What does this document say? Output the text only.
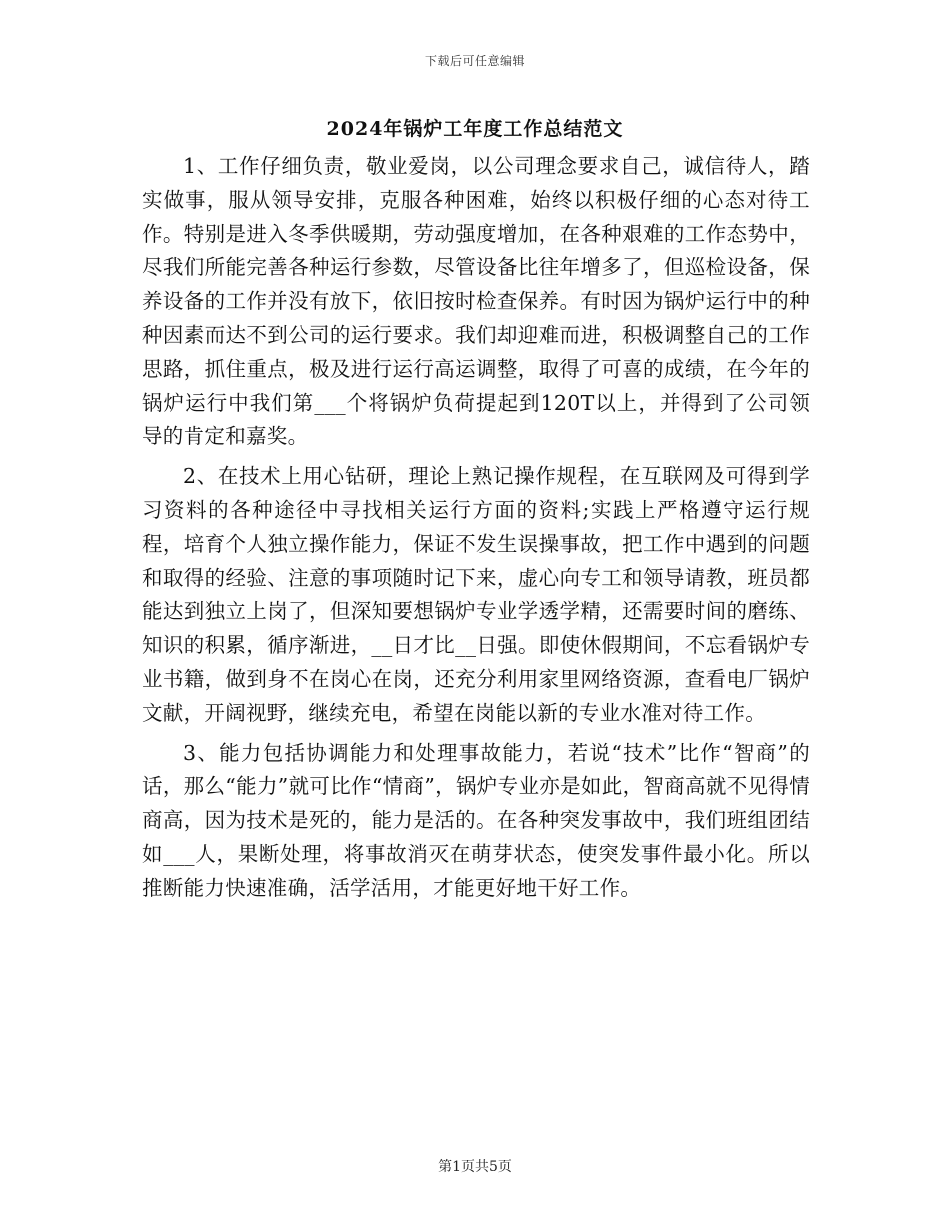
下载后可任意编辑
2024年锅炉工年度工作总结范文

1、工作仔细负责，敬业爱岗，以公司理念要求自己，诚信待人，踏实做事，服从领导安排，克服各种困难，始终以积极仔细的心态对待工作。特别是进入冬季供暖期，劳动强度增加，在各种艰难的工作态势中，尽我们所能完善各种运行参数，尽管设备比往年增多了，但巡检设备，保养设备的工作并没有放下，依旧按时检查保养。有时因为锅炉运行中的种种因素而达不到公司的运行要求。我们却迎难而进，积极调整自己的工作思路，抓住重点，极及进行运行高运调整，取得了可喜的成绩，在今年的锅炉运行中我们第___个将锅炉负荷提起到120T以上，并得到了公司领导的肯定和嘉奖。

2、在技术上用心钻研，理论上熟记操作规程，在互联网及可得到学习资料的各种途径中寻找相关运行方面的资料;实践上严格遵守运行规程，培育个人独立操作能力，保证不发生误操事故，把工作中遇到的问题和取得的经验、注意的事项随时记下来，虚心向专工和领导请教，班员都能达到独立上岗了，但深知要想锅炉专业学透学精，还需要时间的磨练、知识的积累，循序渐进，__日才比__日强。即使休假期间，不忘看锅炉专业书籍，做到身不在岗心在岗，还充分利用家里网络资源，查看电厂锅炉文献，开阔视野，继续充电，希望在岗能以新的专业水准对待工作。

3、能力包括协调能力和处理事故能力，若说“技术”比作“智商”的话，那么“能力”就可比作“情商”，锅炉专业亦是如此，智商高就不见得情商高，因为技术是死的，能力是活的。在各种突发事故中，我们班组团结如___人，果断处理，将事故消灭在萌芽状态，使突发事件最小化。所以推断能力快速准确，活学活用，才能更好地干好工作。

第1页共5页
